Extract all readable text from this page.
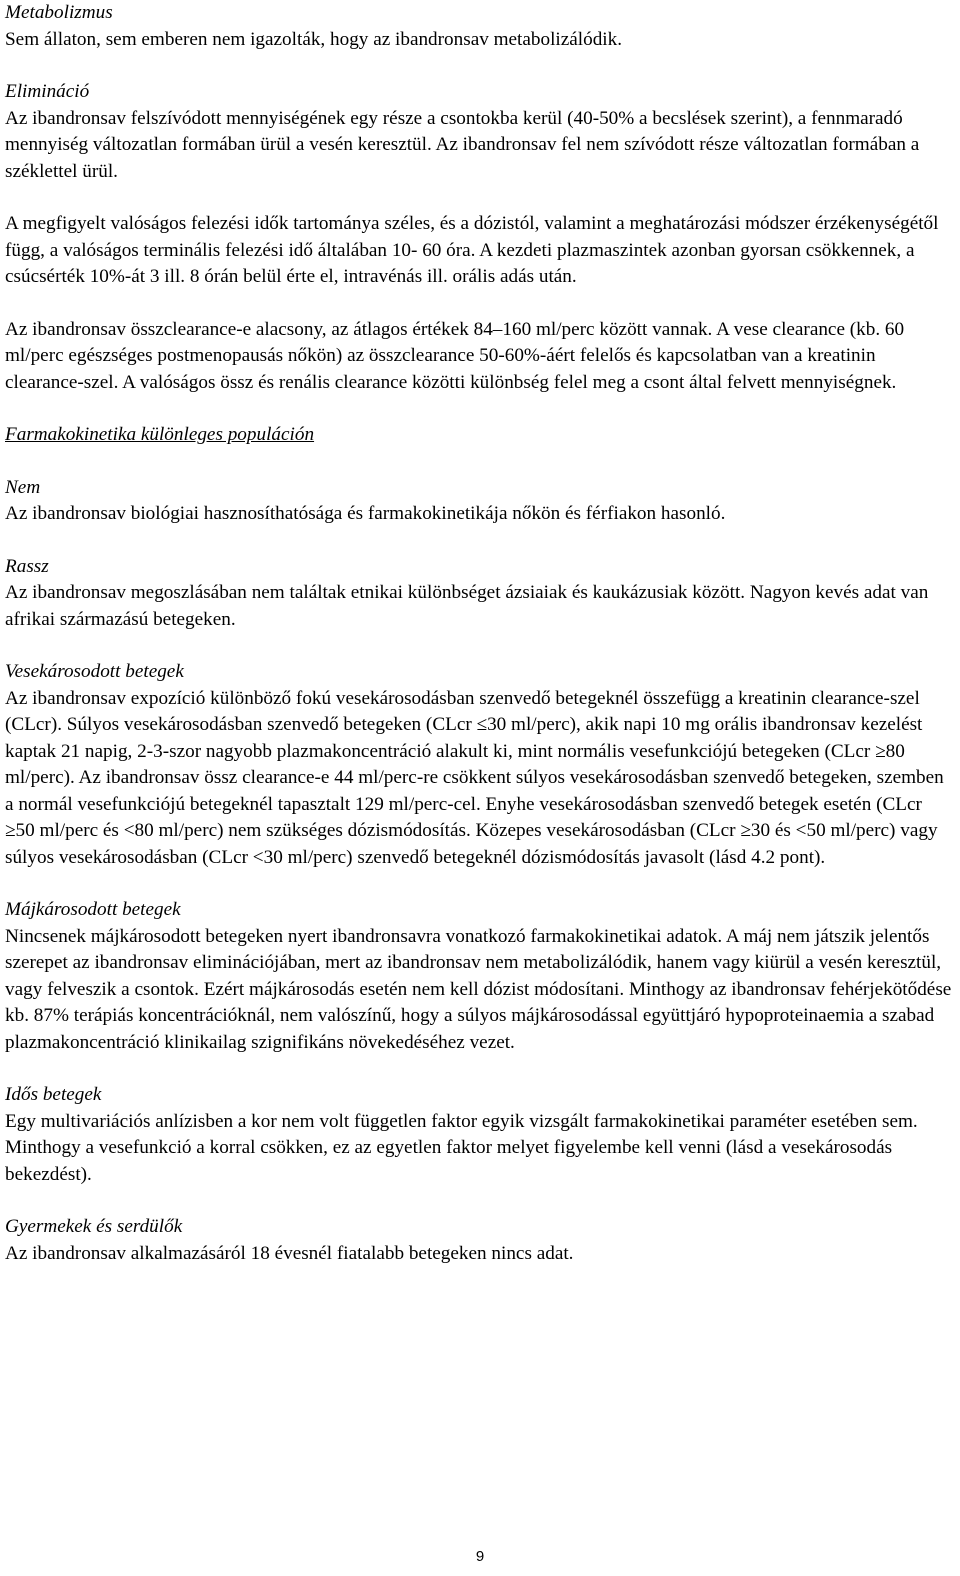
Metabolizmus

Sem állaton, sem emberen nem igazolták, hogy az ibandronsav metabolizálódik.

Elimináció

Az ibandronsav felszívódott mennyiségének egy része a csontokba kerül (40-50% a becslések szerint), a fennmaradó mennyiség változatlan formában ürül a vesén keresztül. Az ibandronsav fel nem szívódott része változatlan formában a széklettel ürül.

A megfigyelt valóságos felezési idők tartománya széles, és a dózistól, valamint a meghatározási módszer érzékenységétől függ, a valóságos terminális felezési idő általában 10- 60 óra. A kezdeti plazmaszintek azonban gyorsan csökkennek, a csúcsérték 10%-át 3 ill. 8 órán belül érte el, intravénás ill. orális adás után.

Az ibandronsav összclearance-e alacsony, az átlagos értékek 84–160 ml/perc között vannak. A vese clearance (kb. 60 ml/perc egészséges postmenopausás nőkön) az összclearance 50-60%-áért felelős és kapcsolatban van a kreatinin clearance-szel. A valóságos össz és renális clearance közötti különbség felel meg a csont által felvett mennyiségnek.

Farmakokinetika különleges populáción

Nem

Az ibandronsav biológiai hasznosíthatósága és farmakokinetikája nőkön és férfiakon hasonló.

Rassz

Az ibandronsav megoszlásában nem találtak etnikai különbséget ázsiaiak és kaukázusiak között. Nagyon kevés adat van afrikai származású betegeken.

Vesekárosodott betegek

Az ibandronsav expozíció különböző fokú vesekárosodásban szenvedő betegeknél összefügg a kreatinin clearance-szel (CLcr). Súlyos vesekárosodásban szenvedő betegeken (CLcr ≤30 ml/perc), akik napi 10 mg orális ibandronsav kezelést kaptak 21 napig, 2-3-szor nagyobb plazmakoncentráció alakult ki, mint normális vesefunkciójú betegeken (CLcr ≥80 ml/perc). Az ibandronsav össz clearance-e 44 ml/perc-re csökkent súlyos vesekárosodásban szenvedő betegeken, szemben a normál vesefunkciójú betegeknél tapasztalt 129 ml/perc-cel. Enyhe vesekárosodásban szenvedő betegek esetén (CLcr ≥50 ml/perc és <80 ml/perc) nem szükséges dózismódosítás. Közepes vesekárosodásban (CLcr ≥30 és <50 ml/perc) vagy súlyos vesekárosodásban (CLcr <30 ml/perc) szenvedő betegeknél dózismódosítás javasolt (lásd 4.2 pont).

Májkárosodott betegek

Nincsenek májkárosodott betegeken nyert ibandronsavra vonatkozó farmakokinetikai adatok. A máj nem játszik jelentős szerepet az ibandronsav eliminációjában, mert az ibandronsav nem metabolizálódik, hanem vagy kiürül a vesén keresztül, vagy felveszik a csontok. Ezért májkárosodás esetén nem kell dózist módosítani. Minthogy az ibandronsav fehérjekötődése kb. 87% terápiás koncentrációknál, nem valószínű, hogy a súlyos májkárosodással együttjáró hypoproteinaemia a szabad plazmakoncentráció klinikailag szignifikáns növekedéséhez vezet.

Idős betegek

Egy multivariációs anlízisben a kor nem volt független faktor egyik vizsgált farmakokinetikai paraméter esetében sem. Minthogy a vesefunkció a korral csökken, ez az egyetlen faktor melyet figyelembe kell venni (lásd a vesekárosodás bekezdést).

Gyermekek és serdülők

Az ibandronsav alkalmazásáról 18 évesnél fiatalabb betegeken nincs adat.

9
